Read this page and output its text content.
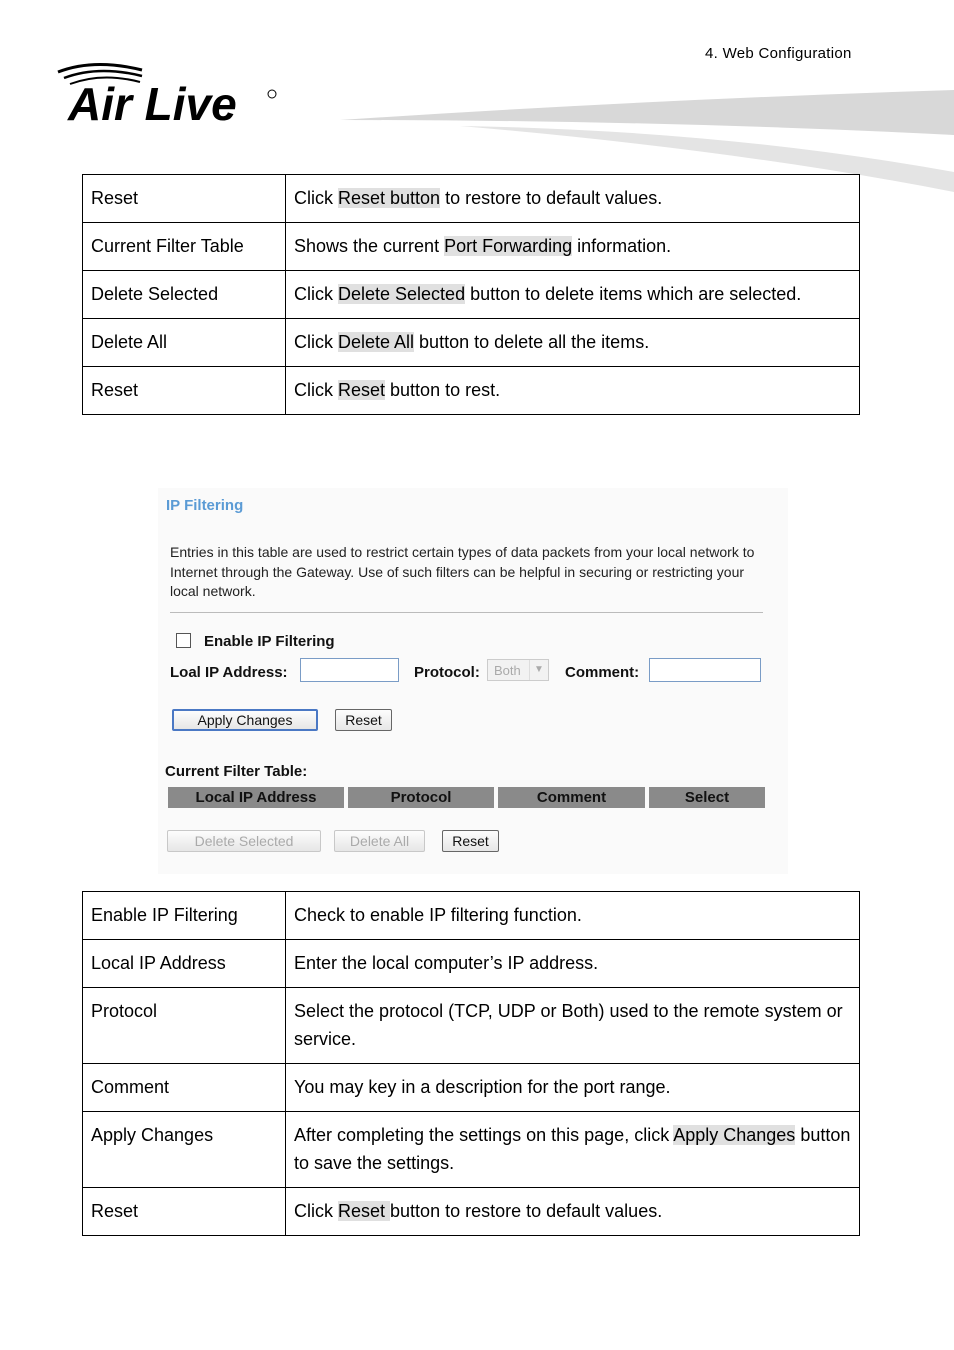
4. Web Configuration
Air Live
Reset	Click Reset button to restore to default values.
Current Filter Table	Shows the current Port Forwarding information.
Delete Selected	Click Delete Selected button to delete items which are selected.
Delete All	Click Delete All button to delete all the items.
Reset	Click Reset button to rest.
IP Filtering
Entries in this table are used to restrict certain types of data packets from your local network to Internet through the Gateway. Use of such filters can be helpful in securing or restricting your local network.
Enable IP Filtering
Loal IP Address:	Protocol:	Both	▼ Comment:
Apply Changes	Reset
Current Filter Table:
Local IP Address	Protocol	Comment	Select
Delete Selected	Delete All	Reset
Enable IP Filtering	Check to enable IP filtering function.
Local IP Address	Enter the local computer’s IP address.
Protocol	Select the protocol (TCP, UDP or Both) used to the remote system or service.
Comment	You may key in a description for the port range.
Apply Changes	After completing the settings on this page, click Apply Changes button to save the settings.
Reset	Click Reset button to restore to default values.
